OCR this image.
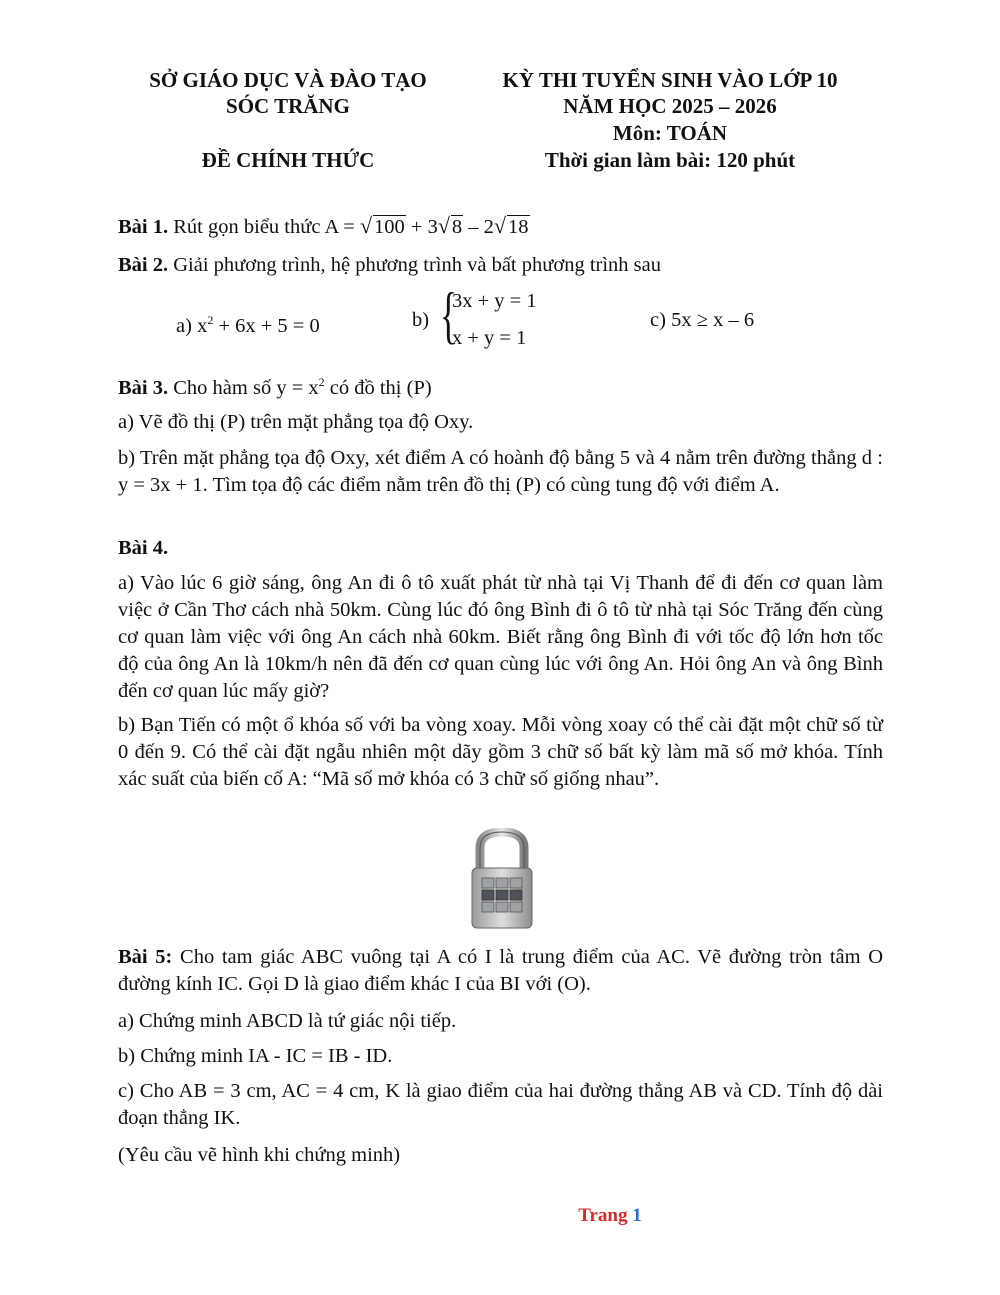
SỞ GIÁO DỤC VÀ ĐÀO TẠO
SÓC TRĂNG
ĐỀ CHÍNH THỨC
KỲ THI TUYỂN SINH VÀO LỚP 10
NĂM HỌC 2025 – 2026
Môn: TOÁN
Thời gian làm bài: 120 phút
Bài 1. Rút gọn biểu thức A = √100 + 3√8 – 2√18
Bài 2. Giải phương trình, hệ phương trình và bất phương trình sau
a) $x^2 + 6x + 5 = 0$	b) {
3x + y = 1
x + y = 1
c) 5x ≥ x – 6
Bài 3. Cho hàm số $y = x^2$ có đồ thị (P)
a) Vẽ đồ thị (P) trên mặt phẳng tọa độ Oxy.
b) Trên mặt phẳng tọa độ Oxy, xét điểm A có hoành độ bằng 5 và 4 nằm trên đường thẳng d : y = 3x + 1. Tìm tọa độ các điểm nằm trên đồ thị (P) có cùng tung độ với điểm A.
Bài 4.
a) Vào lúc 6 giờ sáng, ông An đi ô tô xuất phát từ nhà tại Vị Thanh để đi đến cơ quan làm việc ở Cần Thơ cách nhà 50km. Cùng lúc đó ông Bình đi ô tô từ nhà tại Sóc Trăng đến cùng cơ quan làm việc với ông An cách nhà 60km. Biết rằng ông Bình đi với tốc độ lớn hơn tốc độ của ông An là 10km/h nên đã đến cơ quan cùng lúc với ông An. Hỏi ông An và ông Bình đến cơ quan lúc mấy giờ?
b) Bạn Tiến có một ổ khóa số với ba vòng xoay. Mỗi vòng xoay có thể cài đặt một chữ số từ 0 đến 9. Có thể cài đặt ngẫu nhiên một dãy gồm 3 chữ số bất kỳ làm mã số mở khóa. Tính xác suất của biến cố A: “Mã số mở khóa có 3 chữ số giống nhau”.
Bài 5: Cho tam giác ABC vuông tại A có I là trung điểm của AC. Vẽ đường tròn tâm O đường kính IC. Gọi D là giao điểm khác I của BI với (O).
a) Chứng minh ABCD là tứ giác nội tiếp.
b) Chứng minh IA - IC = IB - ID.
c) Cho AB = 3 cm, AC = 4 cm, K là giao điểm của hai đường thẳng AB và CD. Tính độ dài đoạn thẳng IK.
(Yêu cầu vẽ hình khi chứng minh)
Trang 1
